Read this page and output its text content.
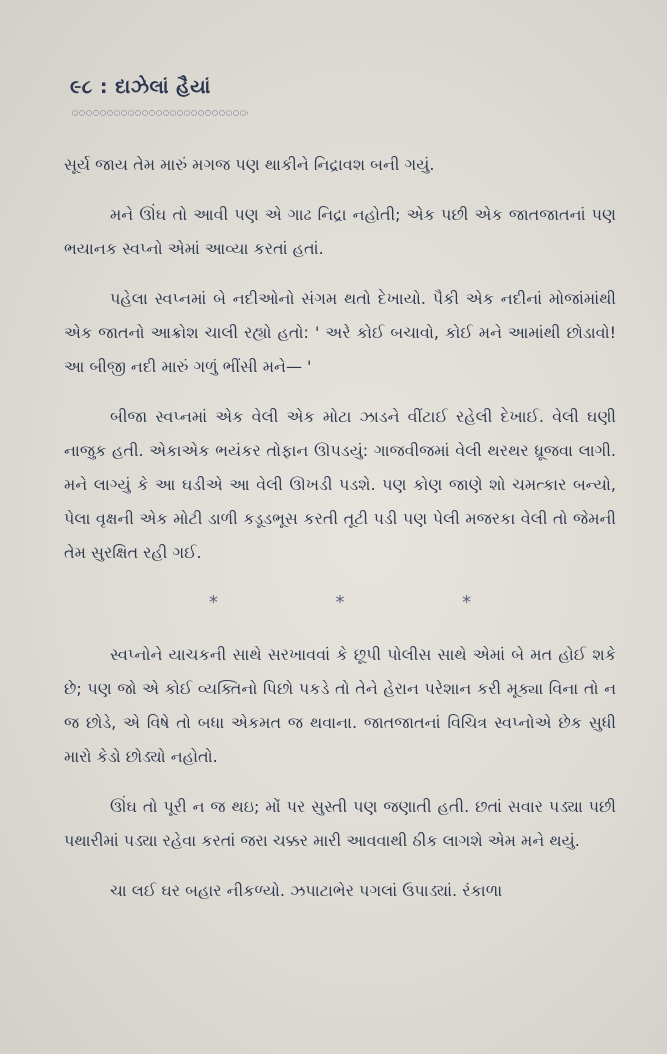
૯૮ : દાઝેલાં હૈયાં

સૂર્ય જાય તેમ મારું મગજ પણ થાકીને નિદ્રાવશ બની ગયું.

મને ઊંઘ તો આવી પણ એ ગાઢ નિદ્રા નહોતી; એક પછી એક જાતજાતનાં પણ ભયાનક સ્વપ્નો એમાં આવ્યા કરતાં હતાં.

પહેલા સ્વપ્નમાં બે નદીઓનો સંગમ થતો દેખાયો. પૈકી એક નદીનાં મોજાંમાંથી એક જાતનો આક્રોશ ચાલી રહ્યો હતો: ' અરે કોઈ બચાવો, કોઈ મને આમાંથી છોડાવો! આ બીજી નદી મારું ગળું ભીંસી મને— '

બીજા સ્વપ્નમાં એક વેલી એક મોટા ઝાડને વીંટાઈ રહેલી દેખાઈ. વેલી ઘણી નાજુક હતી. એકાએક ભયંકર તોફાન ઊપડયું: ગાજવીજમાં વેલી થરથર ધ્રૂજવા લાગી. મને લાગ્યું કે આ ઘડીએ આ વેલી ઊખડી પડશે. પણ કોણ જાણે શો ચમત્કાર બન્યો, પેલા વૃક્ષની એક મોટી ડાળી કડૂડભૂસ કરતી તૂટી પડી પણ પેલી મજરકા વેલી તો જેમની તેમ સુરક્ષિત રહી ગઈ.

*	*	*

સ્વપ્નોને યાચકની સાથે સરખાવવાં કે છૂપી પોલીસ સાથે એમાં બે મત હોઈ શકે છે; પણ જો એ કોઈ વ્યક્તિનો પિછો પકડે તો તેને હેરાન પરેશાન કરી મૂક્યા વિના તો ન જ છોડે, એ વિષે તો બધા એકમત જ થવાના. જાતજાતનાં વિચિત્ર સ્વપ્નોએ છેક સુધી મારો કેડો છોડ્યો નહોતો.

ઊંઘ તો પૂરી ન જ થઇ; મોં પર સુસ્તી પણ જણાતી હતી. છતાં સવાર પડ્યા પછી પથારીમાં પડ્યા રહેવા કરતાં જરા ચક્કર મારી આવવાથી ઠીક લાગશે એમ મને થયું.

ચા લઈ ઘર બહાર નીકળ્યો. ઝપાટાભેર પગલાં ઉપાડ્યાં. રંકાળા
